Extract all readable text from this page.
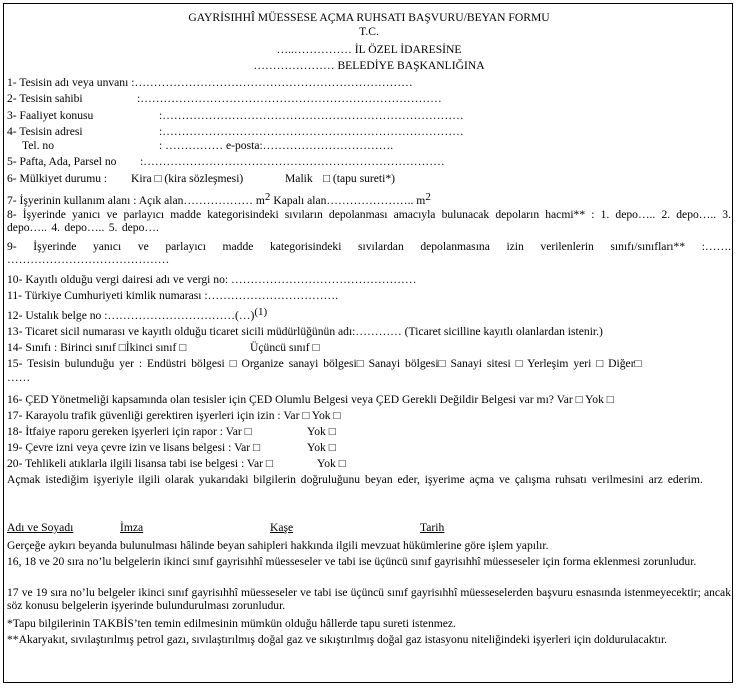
GAYRİSIHHÎ MÜESSESE AÇMA RUHSATI BAŞVURU/BEYAN FORMU
T.C.
…..…………… İL ÖZEL İDARESİNE
………………… BELEDİYE BAŞKANLIĞINA
1- Tesisin adı veya unvanı :………………………………………………………………
2- Tesisin sahibi	:……………………………………………………………………
3- Faaliyet konusu	:……………………………………………………………………
4- Tesisin adresi	:……………………………………………………………………
Tel. no	: …………… e-posta:…………………………….
5- Pafta, Ada, Parsel no :……………………………………………………………………
6- Mülkiyet durumu : Kira □ (kira sözleşmesi)	Malik □ (tapu sureti*)
7- İşyerinin kullanım alanı : Açık alan……………… m2 Kapalı alan………………….. m2
8- İşyerinde yanıcı ve parlayıcı madde kategorisindeki sıvıların depolanması amacıyla bulunacak depoların hacmi** : 1. depo….. 2. depo….. 3. depo….. 4. depo….. 5. depo….
9- İşyerinde yanıcı ve parlayıcı madde kategorisindeki sıvılardan depolanmasına izin verilenlerin sınıfı/sınıfları** :……. ……………………………………
10- Kayıtlı olduğu vergi dairesi adı ve vergi no: …………………………………………
11- Türkiye Cumhuriyeti kimlik numarası :…………………………….
12- Ustalık belge no :……………………………(…)(1)
13- Ticaret sicil numarası ve kayıtlı olduğu ticaret sicili müdürlüğünün adı:………… (Ticaret sicilline kayıtlı olanlardan istenir.)
14- Sınıfı : Birinci sınıf □İkinci sınıf □	Üçüncü sınıf □
15- Tesisin bulunduğu yer : Endüstri bölgesi □ Organize sanayi bölgesi□ Sanayi bölgesi□ Sanayi sitesi □ Yerleşim yeri □ Diğer□
……
16- ÇED Yönetmeliği kapsamında olan tesisler için ÇED Olumlu Belgesi veya ÇED Gerekli Değildir Belgesi var mı? Var □ Yok □
17- Karayolu trafik güvenliği gerektiren işyerleri için izin : Var □ Yok □
18- İtfaiye raporu gereken işyerleri için rapor : Var □	Yok □
19- Çevre izni veya çevre izin ve lisans belgesi : Var □	Yok □
20- Tehlikeli atıklarla ilgili lisansa tabi ise belgesi : Var □	Yok □
Açmak istediğim işyeriyle ilgili olarak yukarıdaki bilgilerin doğruluğunu beyan eder, işyerime açma ve çalışma ruhsatı verilmesini arz ederim.
Adı ve Soyadı	İmza	Kaşe	Tarih
Gerçeğe aykırı beyanda bulunulması hâlinde beyan sahipleri hakkında ilgili mevzuat hükümlerine göre işlem yapılır.
16, 18 ve 20 sıra no’lu belgelerin ikinci sınıf gayrisıhhî müesseseler ve tabi ise üçüncü sınıf gayrisıhhî müesseseler için forma eklenmesi zorunludur.
17 ve 19 sıra no’lu belgeler ikinci sınıf gayrisıhhî müesseseler ve tabi ise üçüncü sınıf gayrisıhhî müesseselerden başvuru esnasında istenmeyecektir; ancak söz konusu belgelerin işyerinde bulundurulması zorunludur.
*Tapu bilgilerinin TAKBİS’ten temin edilmesinin mümkün olduğu hâllerde tapu sureti istenmez.
**Akaryakıt, sıvılaştırılmış petrol gazı, sıvılaştırılmış doğal gaz ve sıkıştırılmış doğal gaz istasyonu niteliğindeki işyerleri için doldurulacaktır.
